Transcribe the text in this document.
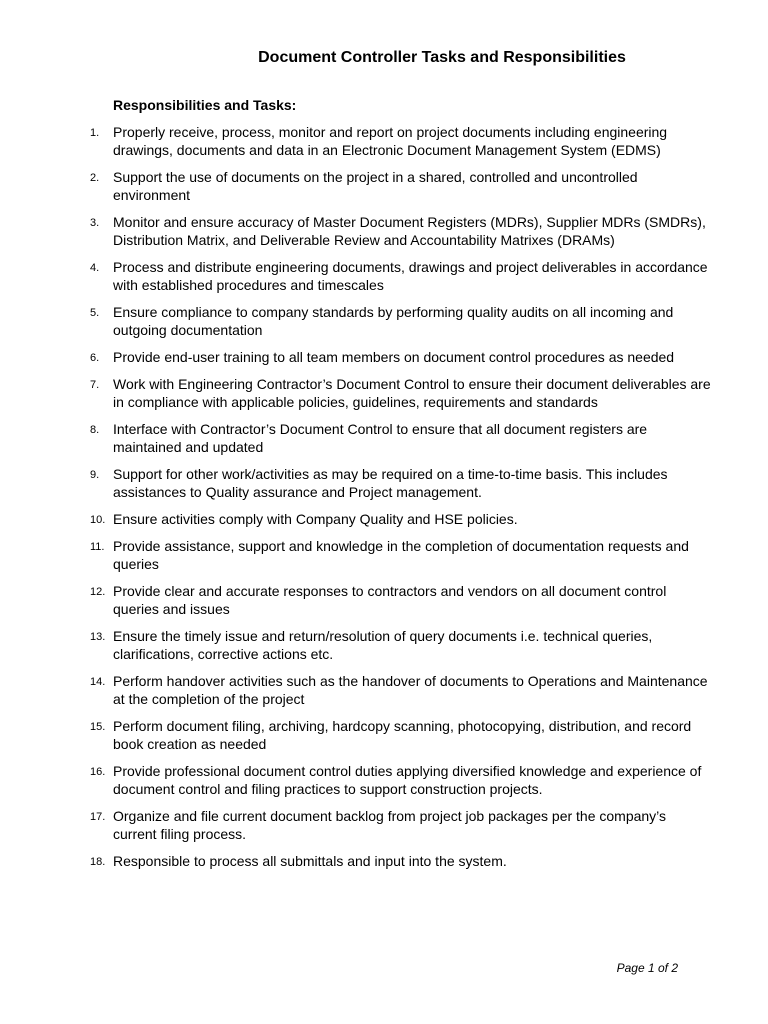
Document Controller Tasks and Responsibilities
Responsibilities and Tasks:
1. Properly receive, process, monitor and report on project documents including engineering drawings, documents and data in an Electronic Document Management System (EDMS)
2. Support the use of documents on the project in a shared, controlled and uncontrolled environment
3. Monitor and ensure accuracy of Master Document Registers (MDRs), Supplier MDRs (SMDRs), Distribution Matrix, and Deliverable Review and Accountability Matrixes (DRAMs)
4. Process and distribute engineering documents, drawings and project deliverables in accordance with established procedures and timescales
5. Ensure compliance to company standards by performing quality audits on all incoming and outgoing documentation
6. Provide end-user training to all team members on document control procedures as needed
7. Work with Engineering Contractor’s Document Control to ensure their document deliverables are in compliance with applicable policies, guidelines, requirements and standards
8. Interface with Contractor’s Document Control to ensure that all document registers are maintained and updated
9. Support for other work/activities as may be required on a time-to-time basis. This includes assistances to Quality assurance and Project management.
10. Ensure activities comply with Company Quality and HSE policies.
11. Provide assistance, support and knowledge in the completion of documentation requests and queries
12. Provide clear and accurate responses to contractors and vendors on all document control queries and issues
13. Ensure the timely issue and return/resolution of query documents i.e. technical queries, clarifications, corrective actions etc.
14. Perform handover activities such as the handover of documents to Operations and Maintenance at the completion of the project
15. Perform document filing, archiving, hardcopy scanning, photocopying, distribution, and record book creation as needed
16. Provide professional document control duties applying diversified knowledge and experience of document control and filing practices to support construction projects.
17. Organize and file current document backlog from project job packages per the company’s current filing process.
18. Responsible to process all submittals and input into the system.
Page 1 of 2
